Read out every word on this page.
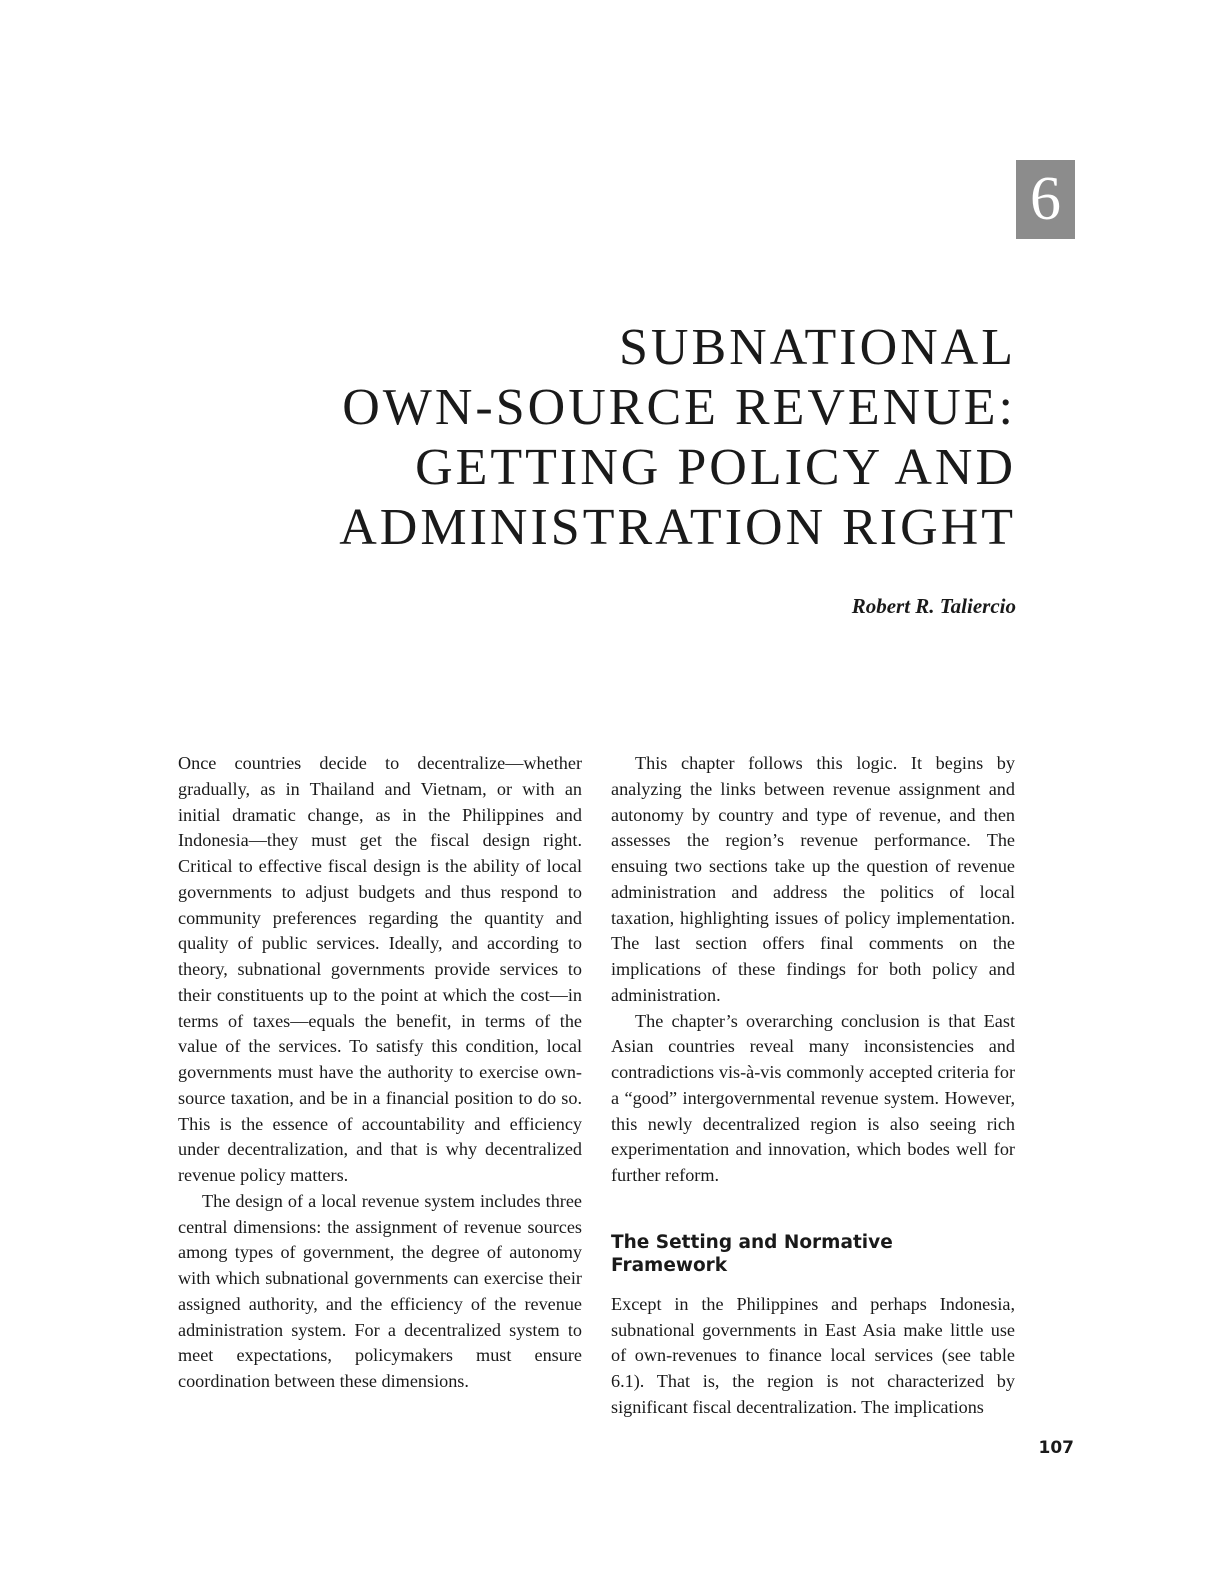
6
SUBNATIONAL
OWN-SOURCE REVENUE:
GETTING POLICY AND
ADMINISTRATION RIGHT
Robert R. Taliercio

Once countries decide to decentralize—whether gradually, as in Thailand and Vietnam, or with an initial dramatic change, as in the Philippines and Indonesia—they must get the fiscal design right. Critical to effective fiscal design is the ability of local governments to adjust budgets and thus respond to community preferences regarding the quantity and quality of public services. Ideally, and according to theory, subnational governments provide services to their constituents up to the point at which the cost—in terms of taxes—equals the benefit, in terms of the value of the services. To satisfy this condition, local governments must have the authority to exercise own-source taxation, and be in a financial position to do so. This is the essence of accountability and efficiency under decentralization, and that is why decentralized revenue policy matters.

The design of a local revenue system includes three central dimensions: the assignment of revenue sources among types of government, the degree of autonomy with which subnational governments can exercise their assigned authority, and the efficiency of the revenue administration system. For a decentralized system to meet expectations, policymakers must ensure coordination between these dimensions.

This chapter follows this logic. It begins by analyzing the links between revenue assignment and autonomy by country and type of revenue, and then assesses the region’s revenue performance. The ensuing two sections take up the question of revenue administration and address the politics of local taxation, highlighting issues of policy implementation. The last section offers final comments on the implications of these findings for both policy and administration.

The chapter’s overarching conclusion is that East Asian countries reveal many inconsistencies and contradictions vis-à-vis commonly accepted criteria for a “good” intergovernmental revenue system. However, this newly decentralized region is also seeing rich experimentation and innovation, which bodes well for further reform.

The Setting and Normative
Framework

Except in the Philippines and perhaps Indonesia, subnational governments in East Asia make little use of own-revenues to finance local services (see table 6.1). That is, the region is not characterized by significant fiscal decentralization. The implications

107
